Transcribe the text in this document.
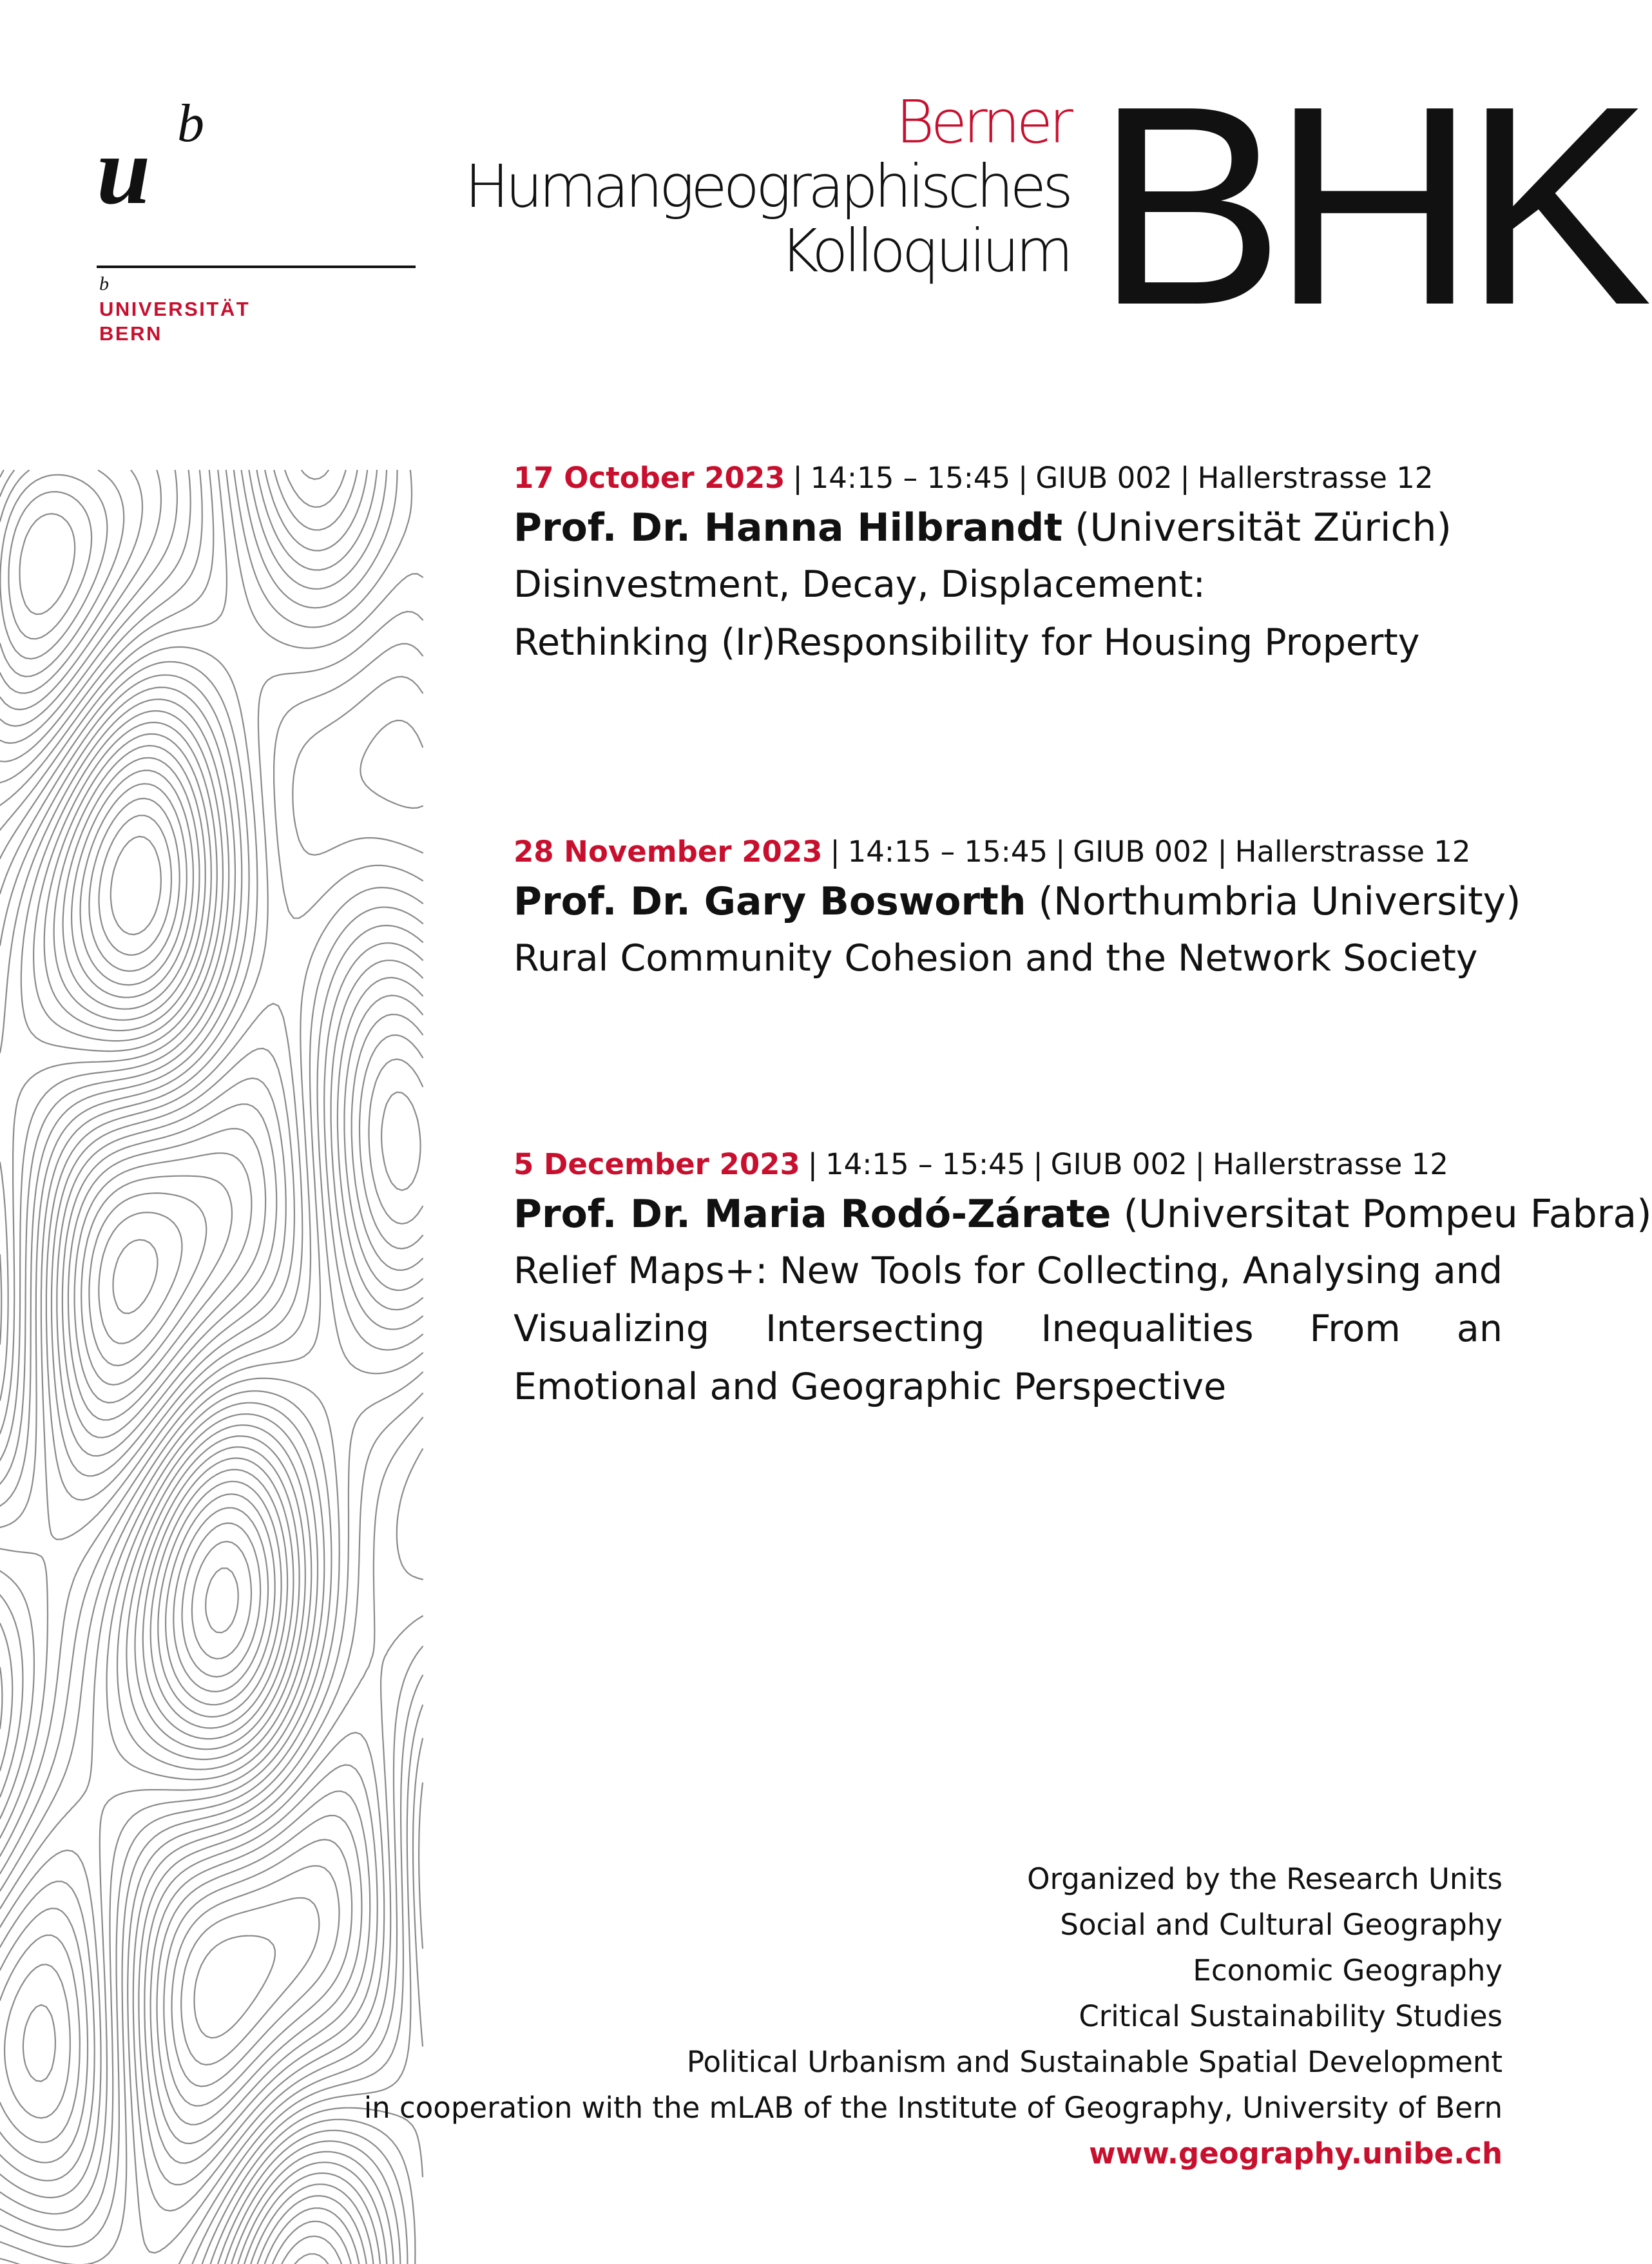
u b
b
UNIVERSITÄT
BERN
Berner
Humangeographisches
Kolloquium BHK
17 October 2023 | 14:15 – 15:45 | GIUB 002 | Hallerstrasse 12
Prof. Dr. Hanna Hilbrandt (Universität Zürich)
Disinvestment, Decay, Displacement:
Rethinking (Ir)Responsibility for Housing Property
28 November 2023 | 14:15 – 15:45 | GIUB 002 | Hallerstrasse 12
Prof. Dr. Gary Bosworth (Northumbria University)
Rural Community Cohesion and the Network Society
5 December 2023 | 14:15 – 15:45 | GIUB 002 | Hallerstrasse 12
Prof. Dr. Maria Rodó-Zárate (Universitat Pompeu Fabra)
Relief Maps+: New Tools for Collecting, Analysing and Visualizing Intersecting Inequalities From an Emotional and Geographic Perspective
Organized by the Research Units
Social and Cultural Geography
Economic Geography
Critical Sustainability Studies
Political Urbanism and Sustainable Spatial Development
in cooperation with the mLAB of the Institute of Geography, University of Bern
www.geography.unibe.ch
